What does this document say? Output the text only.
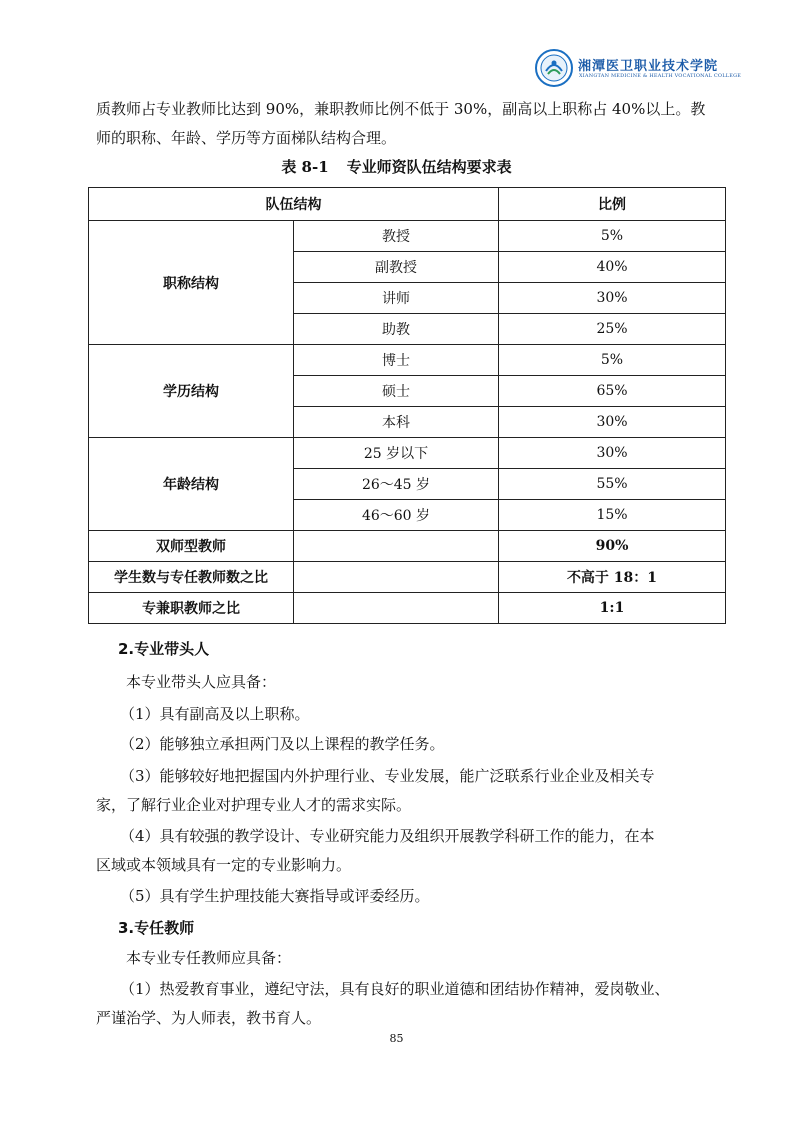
湘潭医卫职业技术学院
XIANGTAN MEDICINE & HEALTH VOCATIONAL COLLEGE
质教师占专业教师比达到 90%，兼职教师比例不低于 30%，副高以上职称占 40%以上。教
师的职称、年龄、学历等方面梯队结构合理。
表 8-1 专业师资队伍结构要求表
队伍结构		比例
职称结构	教授	5%
	副教授	40%
	讲师	30%
	助教	25%
学历结构	博士	5%
	硕士	65%
	本科	30%
年龄结构	25 岁以下	30%
	26～45 岁	55%
	46～60 岁	15%
双师型教师		90%
学生数与专任教师数之比		不高于 18：1
专兼职教师之比		1:1
2.专业带头人
本专业带头人应具备：
（1）具有副高及以上职称。
（2）能够独立承担两门及以上课程的教学任务。
（3）能够较好地把握国内外护理行业、专业发展，能广泛联系行业企业及相关专
家，了解行业企业对护理专业人才的需求实际。
（4）具有较强的教学设计、专业研究能力及组织开展教学科研工作的能力，在本
区域或本领域具有一定的专业影响力。
（5）具有学生护理技能大赛指导或评委经历。
3.专任教师
本专业专任教师应具备：
（1）热爱教育事业，遵纪守法，具有良好的职业道德和团结协作精神，爱岗敬业、
严谨治学、为人师表，教书育人。
85
